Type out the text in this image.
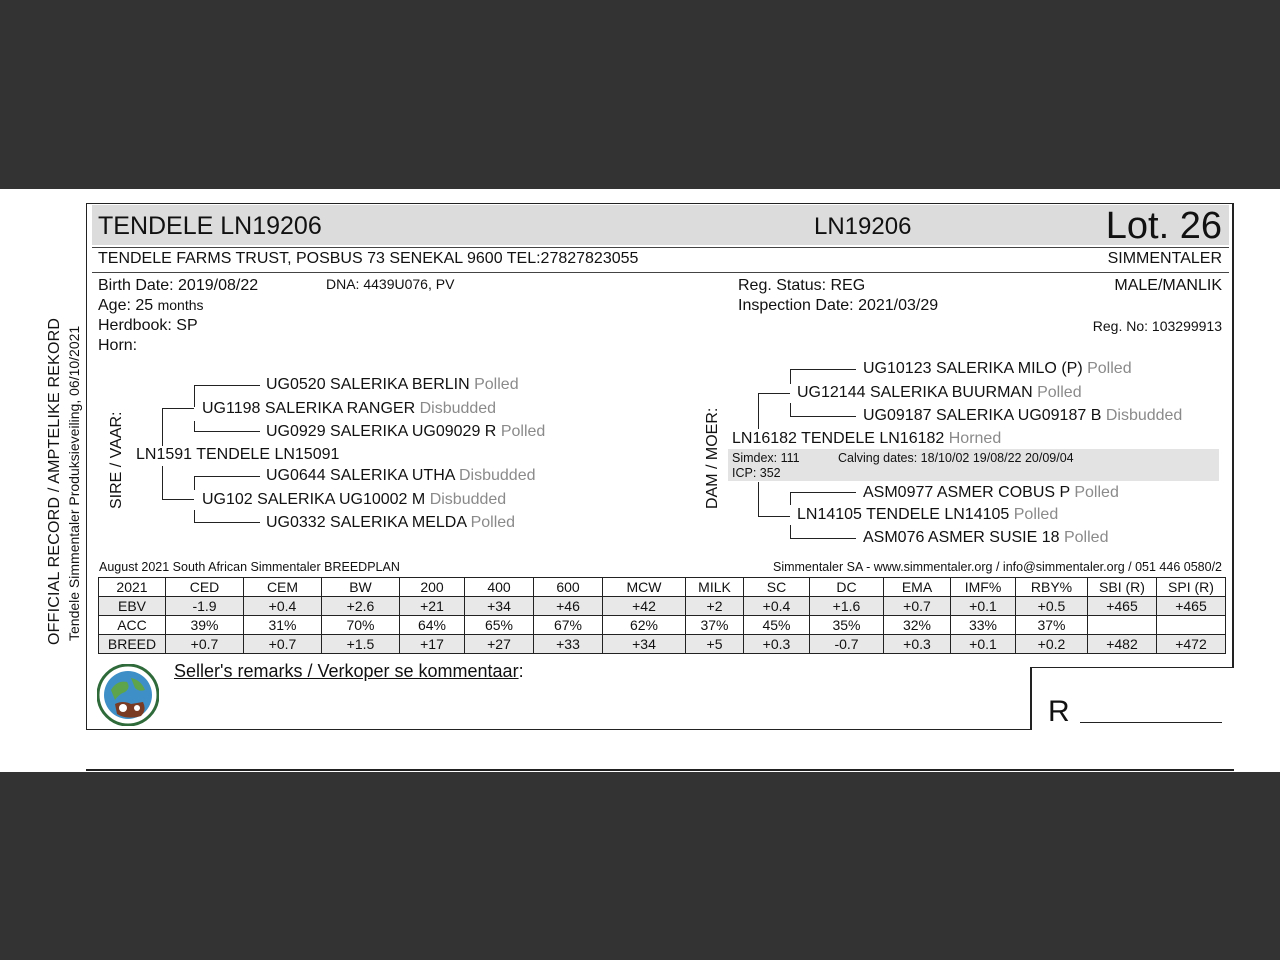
OFFICIAL RECORD / AMPTELIKE REKORD Tendele Simmentaler Produksieveiling, 06/10/2021
TENDELE LN19206	LN19206	Lot. 26
TENDELE FARMS TRUST, POSBUS 73 SENEKAL 9600 TEL:27827823055	SIMMENTALER
Birth Date: 2019/08/22	DNA: 4439U076, PV
Age: 25 months
Herdbook: SP
Horn:
Reg. Status: REG
Inspection Date: 2021/03/29
MALE/MANLIK
Reg. No: 103299913
SIRE / VAAR: LN1591 TENDELE LN15091
UG1198 SALERIKA RANGER Disbudded
UG102 SALERIKA UG10002 M Disbudded
UG0520 SALERIKA BERLIN Polled
UG0929 SALERIKA UG09029 R Polled
UG0644 SALERIKA UTHA Disbudded
UG0332 SALERIKA MELDA Polled
DAM / MOER: LN16182 TENDELE LN16182 Horned
Simdex: 111
ICP: 352
Calving dates: 18/10/02 19/08/22 20/09/04
UG12144 SALERIKA BUURMAN Polled
LN14105 TENDELE LN14105 Polled
UG10123 SALERIKA MILO (P) Polled
UG09187 SALERIKA UG09187 B Disbudded
ASM0977 ASMER COBUS P Polled
ASM076 ASMER SUSIE 18 Polled
August 2021 South African Simmentaler BREEDPLAN	Simmentaler SA - www.simmentaler.org / info@simmentaler.org / 051 446 0580/2
2021	CED	CEM	BW	200	400	600	MCW	MILK	SC	DC	EMA	IMF%	RBY%	SBI (R)	SPI (R)
EBV	-1.9	+0.4	+2.6	+21	+34	+46	+42	+2	+0.4	+1.6	+0.7	+0.1	+0.5	+465	+465
ACC	39%	31%	70%	64%	65%	67%	62%	37%	45%	35%	32%	33%	37%		
BREED	+0.7	+0.7	+1.5	+17	+27	+33	+34	+5	+0.3	-0.7	+0.3	+0.1	+0.2	+482	+472
Seller's remarks / Verkoper se kommentaar:
R
